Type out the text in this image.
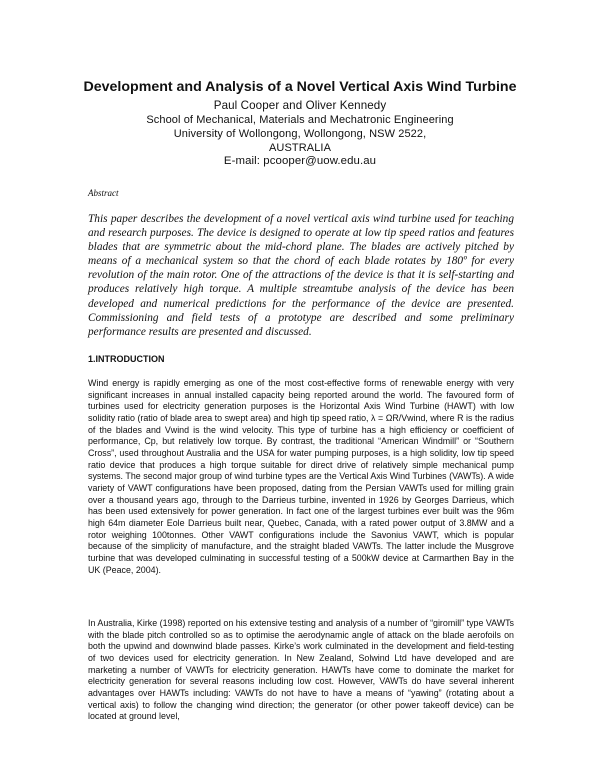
Development and Analysis of a Novel Vertical Axis Wind Turbine
Paul Cooper and Oliver Kennedy
School of Mechanical, Materials and Mechatronic Engineering
University of Wollongong, Wollongong, NSW 2522,
AUSTRALIA
E-mail: pcooper@uow.edu.au
Abstract

This paper describes the development of a novel vertical axis wind turbine used for teaching and research purposes. The device is designed to operate at low tip speed ratios and features blades that are symmetric about the mid-chord plane. The blades are actively pitched by means of a mechanical system so that the chord of each blade rotates by 180º for every revolution of the main rotor. One of the attractions of the device is that it is self-starting and produces relatively high torque. A multiple streamtube analysis of the device has been developed and numerical predictions for the performance of the device are presented. Commissioning and field tests of a prototype are described and some preliminary performance results are presented and discussed.

1.INTRODUCTION

Wind energy is rapidly emerging as one of the most cost-effective forms of renewable energy with very significant increases in annual installed capacity being reported around the world. The favoured form of turbines used for electricity generation purposes is the Horizontal Axis Wind Turbine (HAWT) with low solidity ratio (ratio of blade area to swept area) and high tip speed ratio, λ = ΩR/Vwind, where R is the radius of the blades and Vwind is the wind velocity. This type of turbine has a high efficiency or coefficient of performance, Cp, but relatively low torque. By contrast, the traditional “American Windmill” or “Southern Cross”, used throughout Australia and the USA for water pumping purposes, is a high solidity, low tip speed ratio device that produces a high torque suitable for direct drive of relatively simple mechanical pump systems. The second major group of wind turbine types are the Vertical Axis Wind Turbines (VAWTs). A wide variety of VAWT configurations have been proposed, dating from the Persian VAWTs used for milling grain over a thousand years ago, through to the Darrieus turbine, invented in 1926 by Georges Darrieus, which has been used extensively for power generation. In fact one of the largest turbines ever built was the 96m high 64m diameter Eole Darrieus built near, Quebec, Canada, with a rated power output of 3.8MW and a rotor weighing 100tonnes. Other VAWT configurations include the Savonius VAWT, which is popular because of the simplicity of manufacture, and the straight bladed VAWTs. The latter include the Musgrove turbine that was developed culminating in successful testing of a 500kW device at Carmarthen Bay in the UK (Peace, 2004).

In Australia, Kirke (1998) reported on his extensive testing and analysis of a number of “giromill” type VAWTs with the blade pitch controlled so as to optimise the aerodynamic angle of attack on the blade aerofoils on both the upwind and downwind blade passes. Kirke’s work culminated in the development and field-testing of two devices used for electricity generation. In New Zealand, Solwind Ltd have developed and are marketing a number of VAWTs for electricity generation. HAWTs have come to dominate the market for electricity generation for several reasons including low cost. However, VAWTs do have several inherent advantages over HAWTs including: VAWTs do not have to have a means of “yawing” (rotating about a vertical axis) to follow the changing wind direction; the generator (or other power takeoff device) can be located at ground level,
